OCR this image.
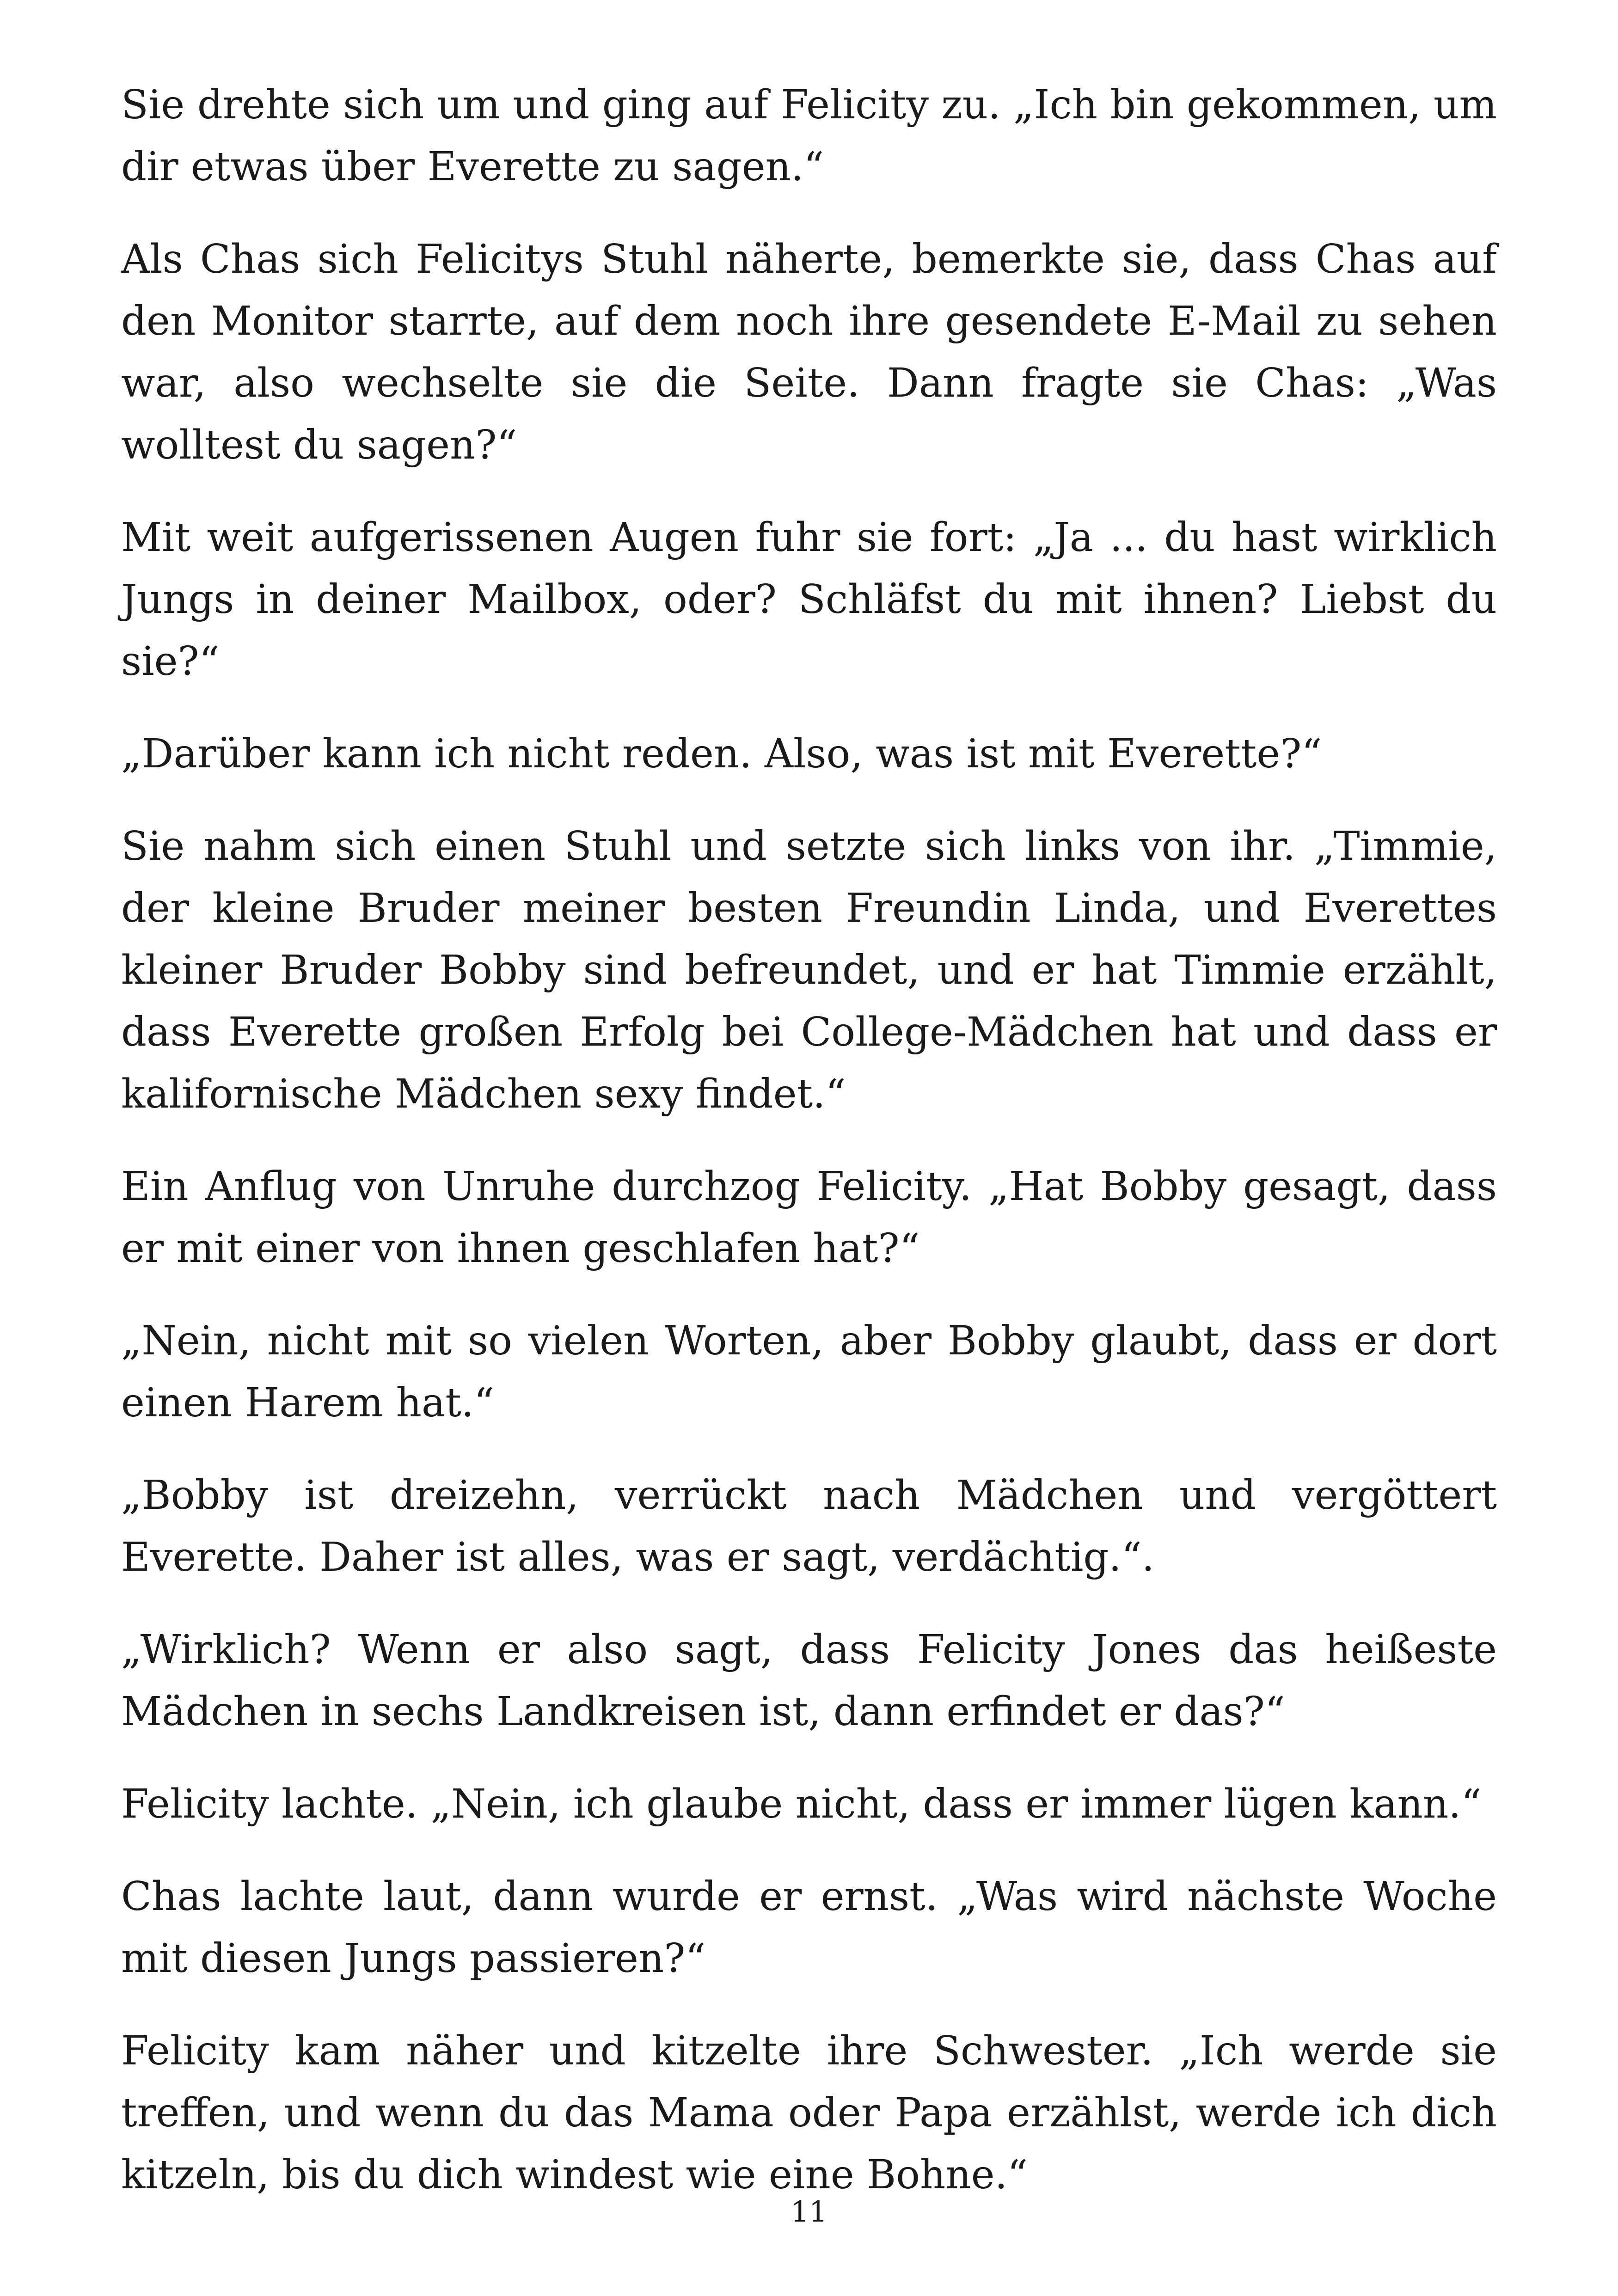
Sie drehte sich um und ging auf Felicity zu. „Ich bin gekommen, um dir etwas über Everette zu sagen.“

Als Chas sich Felicitys Stuhl näherte, bemerkte sie, dass Chas auf den Monitor starrte, auf dem noch ihre gesendete E-Mail zu sehen war, also wechselte sie die Seite. Dann fragte sie Chas: „Was wolltest du sagen?“

Mit weit aufgerissenen Augen fuhr sie fort: „Ja ... du hast wirklich Jungs in deiner Mailbox, oder? Schläfst du mit ihnen? Liebst du sie?“

„Darüber kann ich nicht reden. Also, was ist mit Everette?“

Sie nahm sich einen Stuhl und setzte sich links von ihr. „Timmie, der kleine Bruder meiner besten Freundin Linda, und Everettes kleiner Bruder Bobby sind befreundet, und er hat Timmie erzählt, dass Everette großen Erfolg bei College-Mädchen hat und dass er kalifornische Mädchen sexy findet.“

Ein Anflug von Unruhe durchzog Felicity. „Hat Bobby gesagt, dass er mit einer von ihnen geschlafen hat?“

„Nein, nicht mit so vielen Worten, aber Bobby glaubt, dass er dort einen Harem hat.“

„Bobby ist dreizehn, verrückt nach Mädchen und vergöttert Everette. Daher ist alles, was er sagt, verdächtig.“.

„Wirklich? Wenn er also sagt, dass Felicity Jones das heißeste Mädchen in sechs Landkreisen ist, dann erfindet er das?“

Felicity lachte. „Nein, ich glaube nicht, dass er immer lügen kann.“

Chas lachte laut, dann wurde er ernst. „Was wird nächste Woche mit diesen Jungs passieren?“

Felicity kam näher und kitzelte ihre Schwester. „Ich werde sie treffen, und wenn du das Mama oder Papa erzählst, werde ich dich kitzeln, bis du dich windest wie eine Bohne.“

11
